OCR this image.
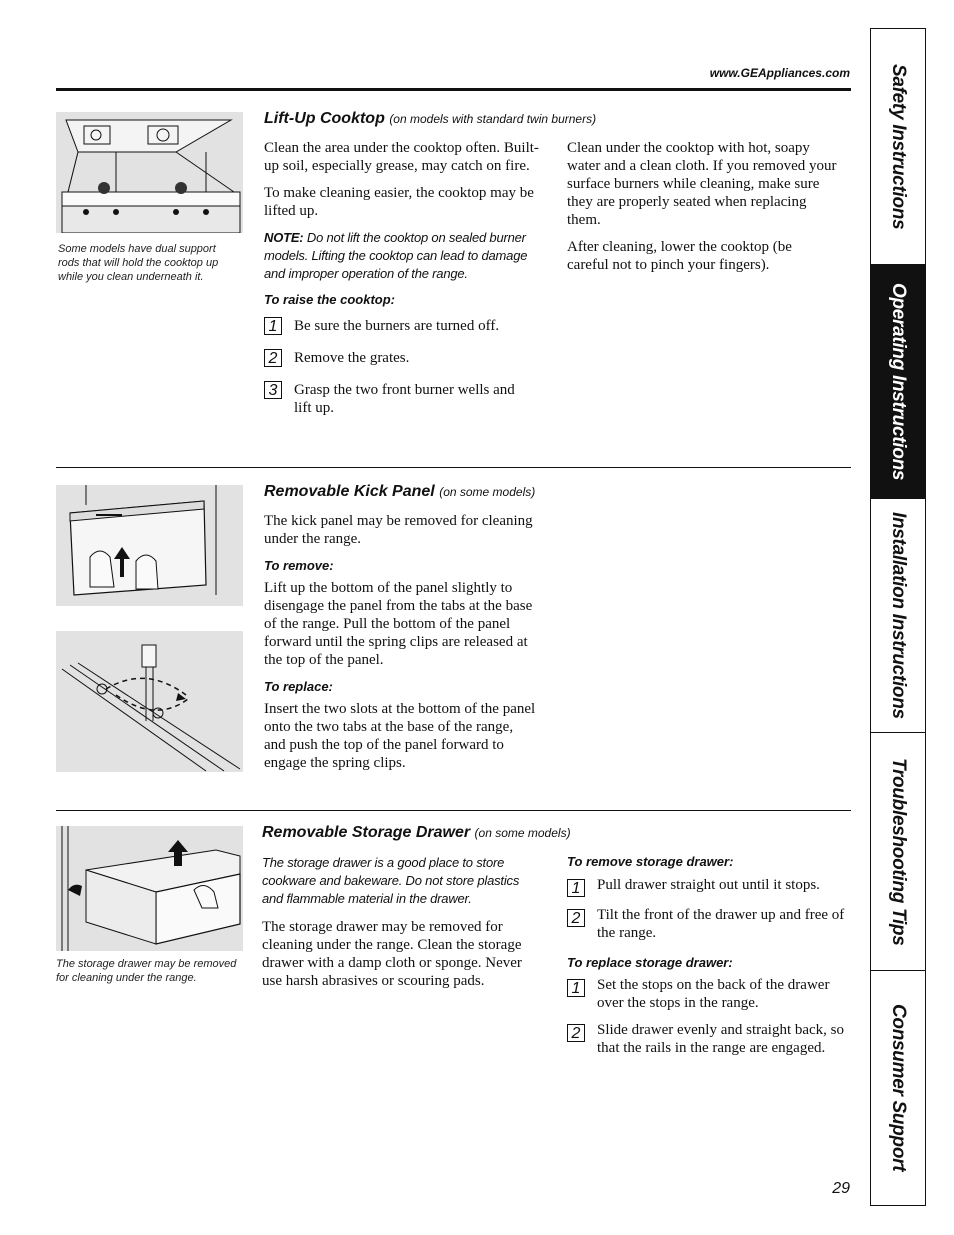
www.GEAppliances.com
Some models have dual support rods that will hold the cooktop up while you clean underneath it.
Lift-Up Cooktop (on models with standard twin burners)

Clean the area under the cooktop often. Built-up soil, especially grease, may catch on fire.

To make cleaning easier, the cooktop may be lifted up.

NOTE: Do not lift the cooktop on sealed burner models. Lifting the cooktop can lead to damage and improper operation of the range.
To raise the cooktop:
1	Be sure the burners are turned off.

2	Remove the grates.

3	Grasp the two front burner wells and lift up.

Clean under the cooktop with hot, soapy water and a clean cloth. If you removed your surface burners while cleaning, make sure they are properly seated when replacing them.

After cleaning, lower the cooktop (be careful not to pinch your fingers).

Removable Kick Panel (on some models)

The kick panel may be removed for cleaning under the range.

To remove:

Lift up the bottom of the panel slightly to disengage the panel from the tabs at the base of the range. Pull the bottom of the panel forward until the spring clips are released at the top of the panel.

To replace:

Insert the two slots at the bottom of the panel onto the two tabs at the base of the range, and push the top of the panel forward to engage the spring clips.

The storage drawer may be removed for cleaning under the range.
Removable Storage Drawer (on some models)
The storage drawer is a good place to store cookware and bakeware. Do not store plastics and flammable material in the drawer.

The storage drawer may be removed for cleaning under the range. Clean the storage drawer with a damp cloth or sponge. Never use harsh abrasives or scouring pads.

To remove storage drawer:
1	Pull drawer straight out until it stops.

2	Tilt the front of the drawer up and free of the range.

To replace storage drawer:
1	Set the stops on the back of the drawer over the stops in the range.

2	Slide drawer evenly and straight back, so that the rails in the range are engaged.

29
Safety Instructions
Operating Instructions
Installation Instructions
Troubleshooting Tips
Consumer Support
